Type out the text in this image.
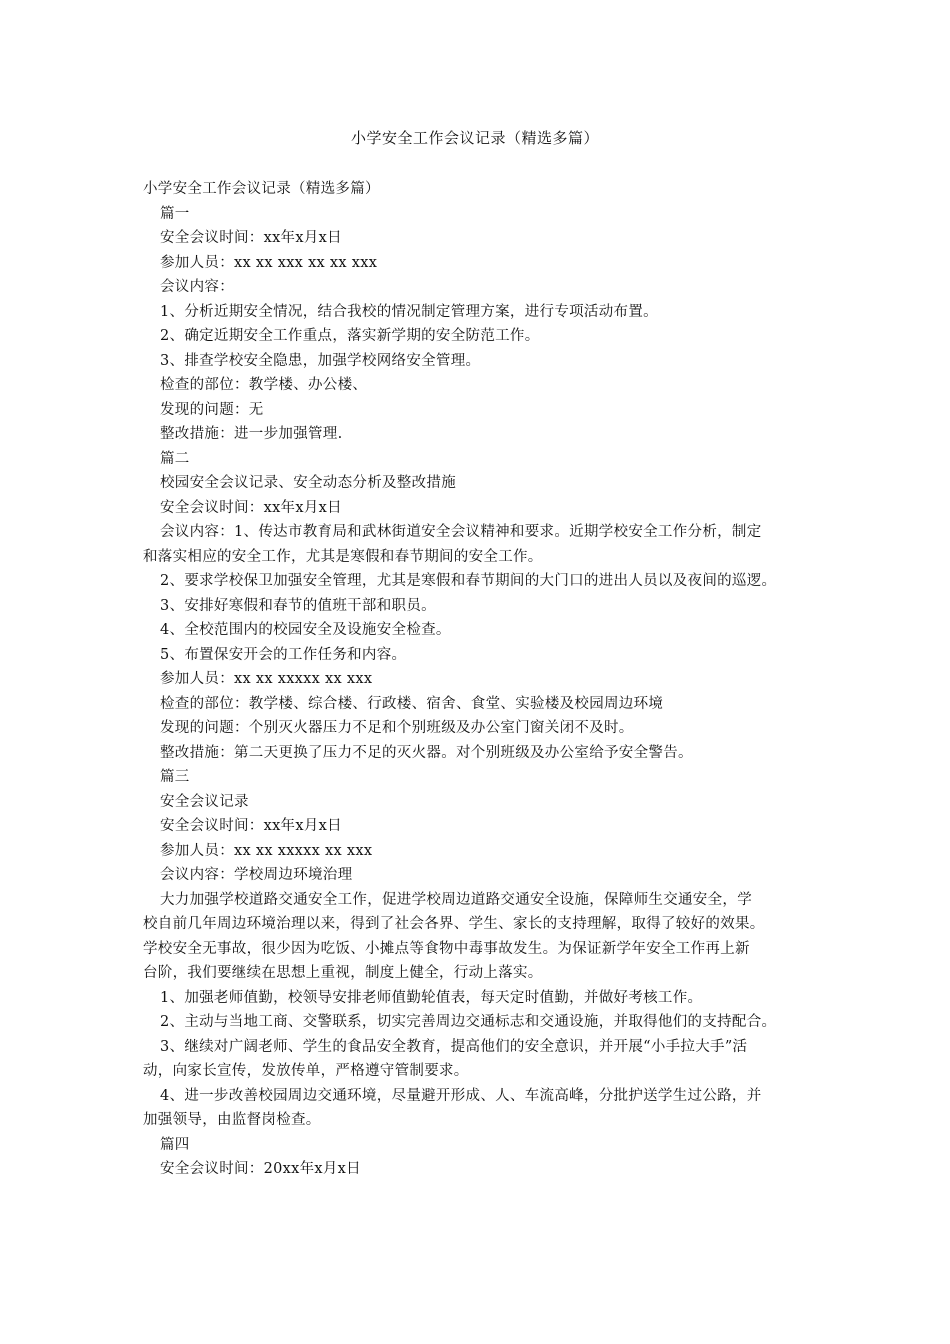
小学安全工作会议记录（精选多篇）
小学安全工作会议记录（精选多篇）
篇一
安全会议时间：xx年x月x日
参加人员：xx xx xxx xx xx xxx
会议内容：
1、分析近期安全情况，结合我校的情况制定管理方案，进行专项活动布置。
2、确定近期安全工作重点，落实新学期的安全防范工作。
3、排查学校安全隐患，加强学校网络安全管理。
检查的部位：教学楼、办公楼、
发现的问题：无
整改措施：进一步加强管理.
篇二
校园安全会议记录、安全动态分析及整改措施
安全会议时间：xx年x月x日
会议内容：1、传达市教育局和武林街道安全会议精神和要求。近期学校安全工作分析，制定
和落实相应的安全工作，尤其是寒假和春节期间的安全工作。
2、要求学校保卫加强安全管理，尤其是寒假和春节期间的大门口的进出人员以及夜间的巡逻。
3、安排好寒假和春节的值班干部和职员。
4、全校范围内的校园安全及设施安全检查。
5、布置保安开会的工作任务和内容。
参加人员：xx xx xxxxx xx xxx
检查的部位：教学楼、综合楼、行政楼、宿舍、食堂、实验楼及校园周边环境
发现的问题：个别灭火器压力不足和个别班级及办公室门窗关闭不及时。
整改措施：第二天更换了压力不足的灭火器。对个别班级及办公室给予安全警告。
篇三
安全会议记录
安全会议时间：xx年x月x日
参加人员：xx xx xxxxx xx xxx
会议内容：学校周边环境治理
大力加强学校道路交通安全工作，促进学校周边道路交通安全设施，保障师生交通安全，学
校自前几年周边环境治理以来，得到了社会各界、学生、家长的支持理解，取得了较好的效果。
学校安全无事故，很少因为吃饭、小摊点等食物中毒事故发生。为保证新学年安全工作再上新
台阶，我们要继续在思想上重视，制度上健全，行动上落实。
1、加强老师值勤，校领导安排老师值勤轮值表，每天定时值勤，并做好考核工作。
2、主动与当地工商、交警联系，切实完善周边交通标志和交通设施，并取得他们的支持配合。
3、继续对广阔老师、学生的食品安全教育，提高他们的安全意识，并开展“小手拉大手”活
动，向家长宣传，发放传单，严格遵守管制要求。
4、进一步改善校园周边交通环境，尽量避开形成、人、车流高峰，分批护送学生过公路，并
加强领导，由监督岗检查。
篇四
安全会议时间：20xx年x月x日
